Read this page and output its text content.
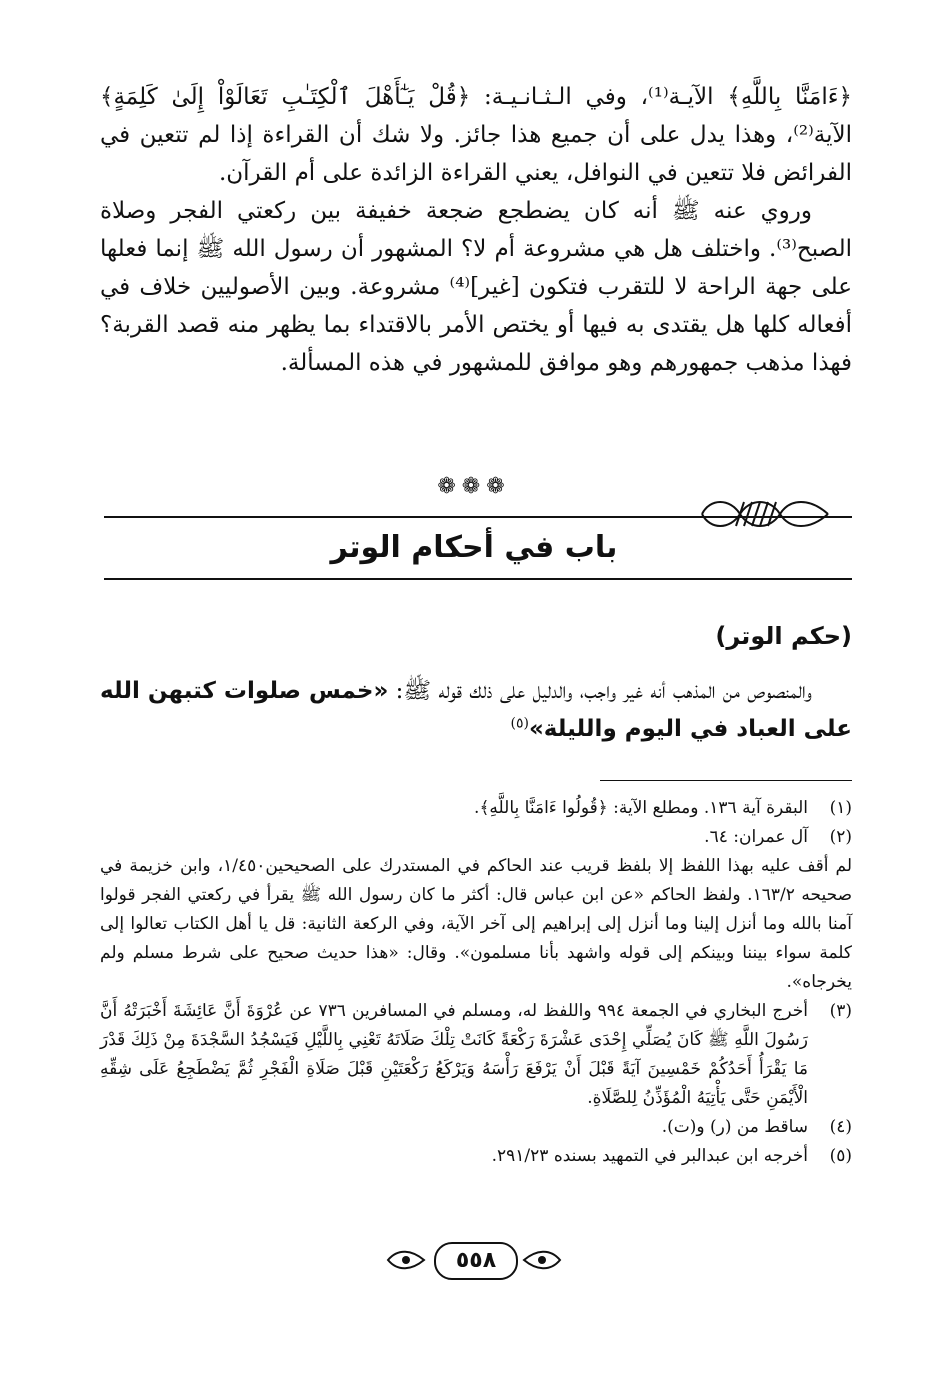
﴿ءَامَنَّا بِاللَّهِ﴾ الآيـة⁽¹⁾، وفي الـثـانـيـة: ﴿قُلْ يَـٰٓأَهْلَ ٱلْكِتَـٰبِ تَعَالَوْاْ إِلَىٰ كَلِمَةٍ﴾ الآية⁽²⁾، وهذا يدل على أن جميع هذا جائز. ولا شك أن القراءة إذا لم تتعين في الفرائض فلا تتعين في النوافل، يعني القراءة الزائدة على أم القرآن.

وروي عنه ﷺ أنه كان يضطجع ضجعة خفيفة بين ركعتي الفجر وصلاة الصبح⁽³⁾. واختلف هل هي مشروعة أم لا؟ المشهور أن رسول الله ﷺ إنما فعلها على جهة الراحة لا للتقرب فتكون [غير]⁽⁴⁾ مشروعة. وبين الأصوليين خلاف في أفعاله كلها هل يقتدى به فيها أو يختص الأمر بالاقتداء بما يظهر منه قصد القربة؟ فهذا مذهب جمهورهم وهو موافق للمشهور في هذه المسألة.

❁❁❁
باب في أحكام الوتر
(حكم الوتر)

والمنصوص من المذهب أنه غير واجب، والدليل على ذلك قوله ﷺ: «خمس صلوات كتبهن الله على العباد في اليوم والليلة»$^{(٥)}$

(١)
البقرة آية ١٣٦. ومطلع الآية: ﴿قُولُوا ءَامَنَّا بِاللَّهِ﴾.
(٢)
آل عمران: ٦٤.
لم أقف عليه بهذا اللفظ إلا بلفظ قريب عند الحاكم في المستدرك على الصحيحين١/٤٥٠، وابن خزيمة في صحيحه ١٦٣/٢. ولفظ الحاكم «عن ابن عباس قال: أكثر ما كان رسول الله ﷺ يقرأ في ركعتي الفجر قولوا آمنا بالله وما أنزل إلينا وما أنزل إلى إبراهيم إلى آخر الآية، وفي الركعة الثانية: قل يا أهل الكتاب تعالوا إلى كلمة سواء بيننا وبينكم إلى قوله واشهد بأنا مسلمون». وقال: «هذا حديث صحيح على شرط مسلم ولم يخرجاه».
(٣)
أخرج البخاري في الجمعة ٩٩٤ واللفظ له، ومسلم في المسافرين ٧٣٦ عن عُرْوَةَ أَنَّ عَائِشَةَ أَخْبَرَتْهُ أَنَّ رَسُولَ اللَّهِ ﷺ كَانَ يُصَلِّي إِحْدَى عَشْرَةَ رَكْعَةً كَانَتْ تِلْكَ صَلَاتَهُ تَعْنِي بِاللَّيْلِ فَيَسْجُدُ السَّجْدَةَ مِنْ ذَلِكَ قَدْرَ مَا يَقْرَأُ أَحَدُكُمْ خَمْسِينَ آيَةً قَبْلَ أَنْ يَرْفَعَ رَأْسَهُ وَيَرْكَعُ رَكْعَتَيْنِ قَبْلَ صَلَاةِ الْفَجْرِ ثُمَّ يَضْطَجِعُ عَلَى شِقِّهِ الْأَيْمَنِ حَتَّى يَأْتِيَهُ الْمُؤَذِّنُ لِلصَّلَاةِ.
(٤)
ساقط من (ر) و(ت).
(٥)
أخرجه ابن عبدالبر في التمهيد بسنده ٢٩١/٢٣.
٥٥٨
